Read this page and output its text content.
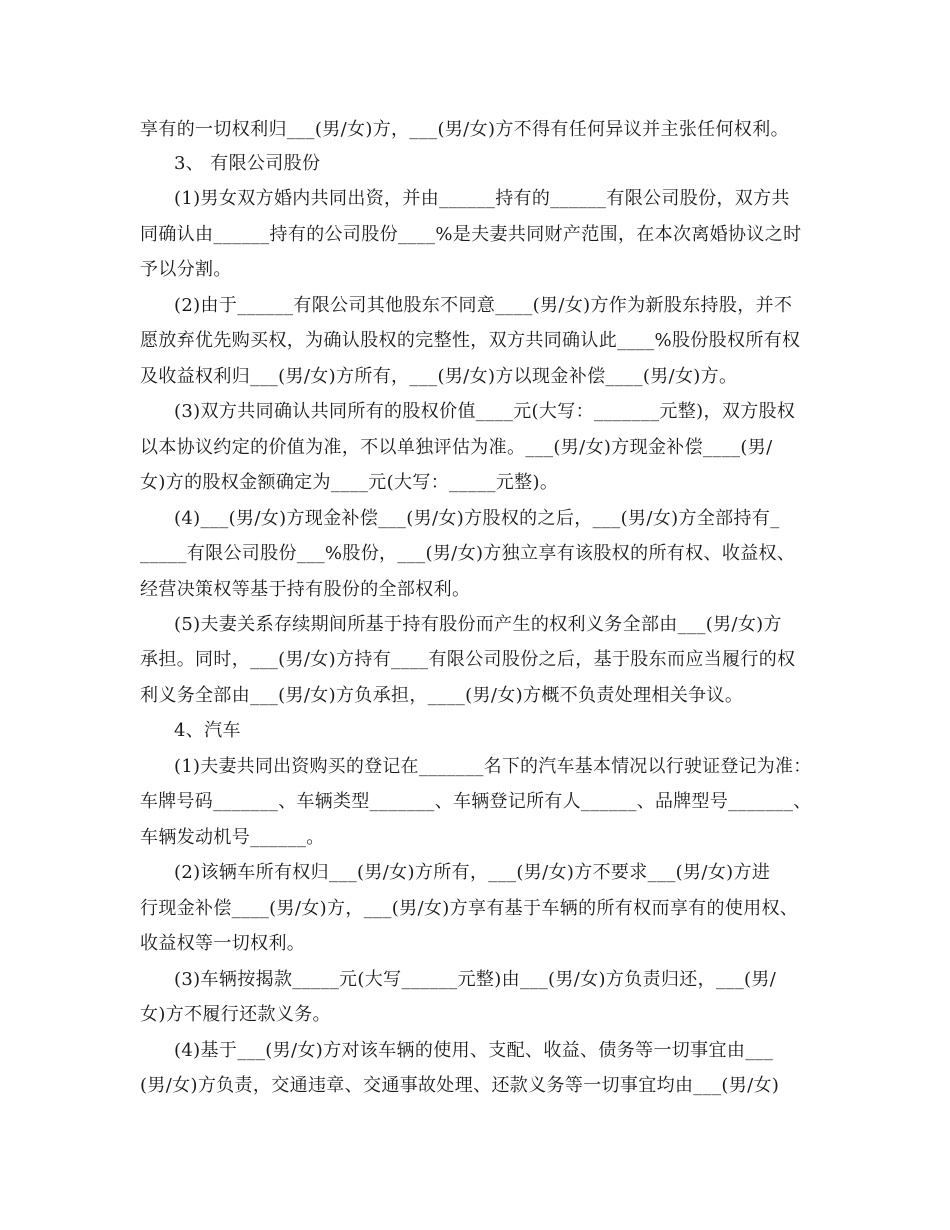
享有的一切权利归___(男/女)方，___(男/女)方不得有任何异议并主张任何权利。
3、 有限公司股份
(1)男女双方婚内共同出资，并由______持有的______有限公司股份，双方共
同确认由______持有的公司股份____%是夫妻共同财产范围，在本次离婚协议之时
予以分割。
(2)由于______有限公司其他股东不同意____(男/女)方作为新股东持股，并不
愿放弃优先购买权，为确认股权的完整性，双方共同确认此____%股份股权所有权
及收益权利归___(男/女)方所有，___(男/女)方以现金补偿____(男/女)方。
(3)双方共同确认共同所有的股权价值____元(大写：_______元整)，双方股权
以本协议约定的价值为准，不以单独评估为准。___(男/女)方现金补偿____(男/
女)方的股权金额确定为____元(大写：_____元整)。
(4)___(男/女)方现金补偿___(男/女)方股权的之后，___(男/女)方全部持有_
_____有限公司股份___%股份，___(男/女)方独立享有该股权的所有权、收益权、
经营决策权等基于持有股份的全部权利。
(5)夫妻关系存续期间所基于持有股份而产生的权利义务全部由___(男/女)方
承担。同时，___(男/女)方持有____有限公司股份之后，基于股东而应当履行的权
利义务全部由___(男/女)方负承担，____(男/女)方概不负责处理相关争议。
4、汽车
(1)夫妻共同出资购买的登记在_______名下的汽车基本情况以行驶证登记为准：
车牌号码_______、车辆类型_______、车辆登记所有人______、品牌型号_______、
车辆发动机号______。
(2)该辆车所有权归___(男/女)方所有，___(男/女)方不要求___(男/女)方进
行现金补偿____(男/女)方，___(男/女)方享有基于车辆的所有权而享有的使用权、
收益权等一切权利。
(3)车辆按揭款_____元(大写______元整)由___(男/女)方负责归还，___(男/
女)方不履行还款义务。
(4)基于___(男/女)方对该车辆的使用、支配、收益、债务等一切事宜由___
(男/女)方负责，交通违章、交通事故处理、还款义务等一切事宜均由___(男/女)
